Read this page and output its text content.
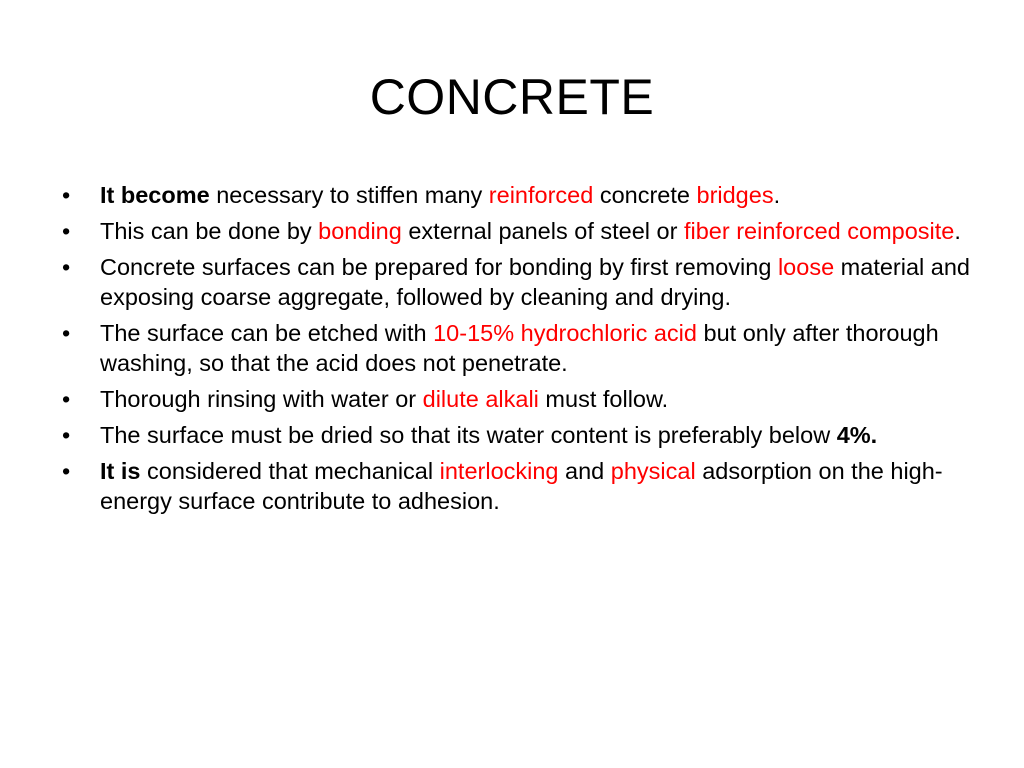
CONCRETE
• It become necessary to stiffen many reinforced concrete bridges.
• This can be done by bonding external panels of steel or fiber reinforced composite.
• Concrete surfaces can be prepared for bonding by first removing loose material and exposing coarse aggregate, followed by cleaning and drying.
• The surface can be etched with 10-15% hydrochloric acid but only after thorough washing, so that the acid does not penetrate.
• Thorough rinsing with water or dilute alkali must follow.
• The surface must be dried so that its water content is preferably below 4%.
• It is considered that mechanical interlocking and physical adsorption on the high-energy surface contribute to adhesion.
